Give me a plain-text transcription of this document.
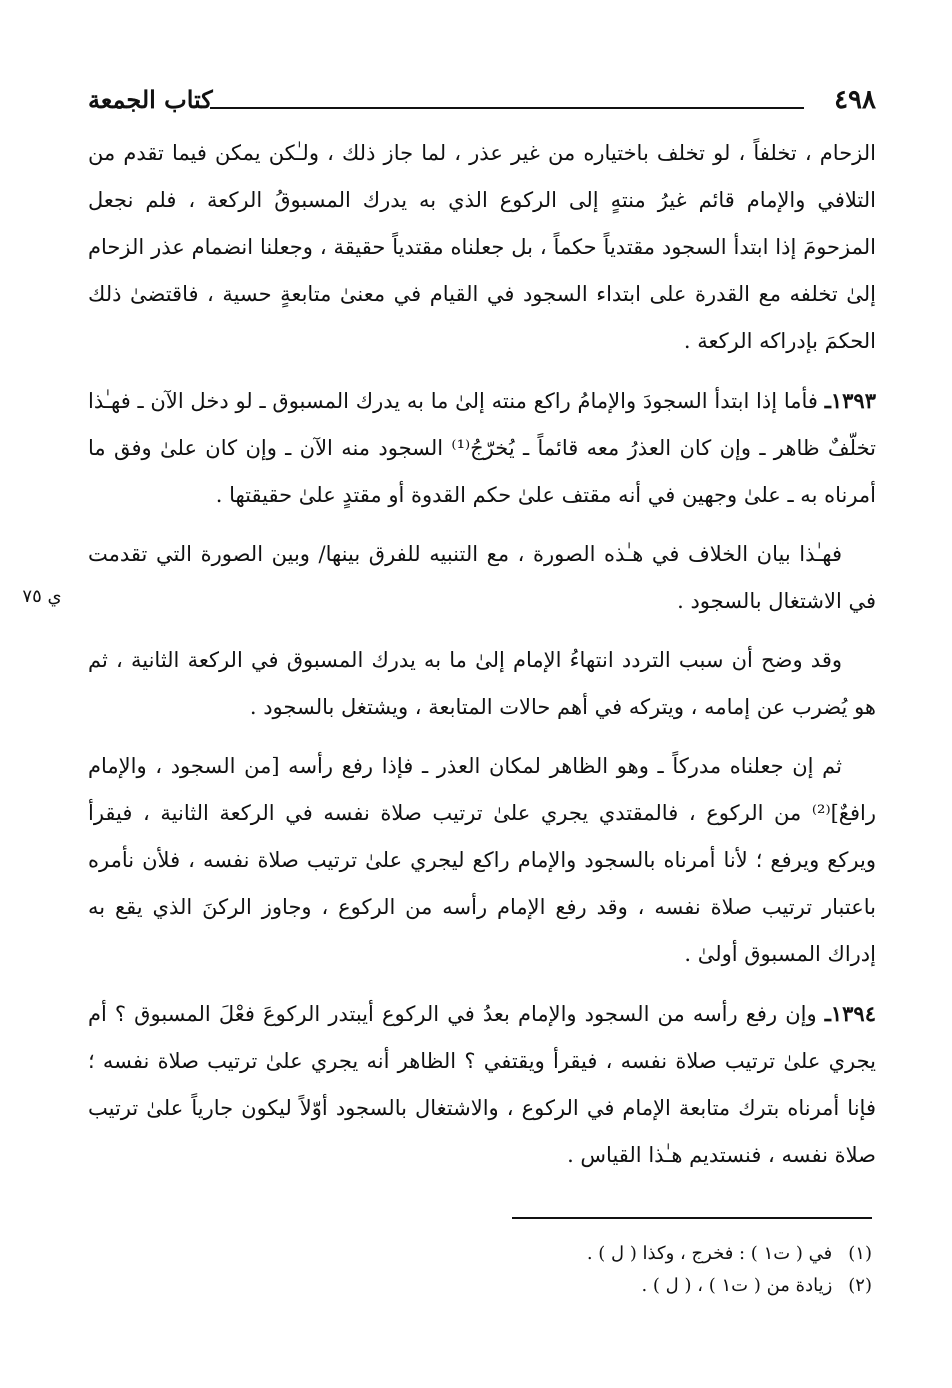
٤٩٨
كتاب الجمعة
ي ٧٥

الزحام ، تخلفاً ، لو تخلف باختياره من غير عذر ، لما جاز ذلك ، ولـٰكن يمكن فيما تقدم من التلافي والإمام قائم غيرُ منتهٍ إلى الركوع الذي به يدرك المسبوقُ الركعة ، فلم نجعل المزحومَ إذا ابتدأ السجود مقتدياً حكماً ، بل جعلناه مقتدياً حقيقة ، وجعلنا انضمام عذر الزحام إلىٰ تخلفه مع القدرة على ابتداء السجود في القيام في معنىٰ متابعةٍ حسية ، فاقتضىٰ ذلك الحكمَ بإدراكه الركعة .

١٣٩٣ـ فأما إذا ابتدأ السجودَ والإمامُ راكع منته إلىٰ ما به يدرك المسبوق ـ لو دخل الآن ـ فهـٰذا تخلّفٌ ظاهر ـ وإن كان العذرُ معه قائماً ـ يُخرّجُ⁽¹⁾ السجود منه الآن ـ وإن كان علىٰ وفق ما أمرناه به ـ علىٰ وجهين في أنه مقتف علىٰ حكم القدوة أو مقتدٍ علىٰ حقيقتها .

فهـٰذا بيان الخلاف في هـٰذه الصورة ، مع التنبيه للفرق بينها/ وبين الصورة التي تقدمت في الاشتغال بالسجود .

وقد وضح أن سبب التردد انتهاءُ الإمام إلىٰ ما به يدرك المسبوق في الركعة الثانية ، ثم هو يُضرب عن إمامه ، ويتركه في أهم حالات المتابعة ، ويشتغل بالسجود .

ثم إن جعلناه مدركاً ـ وهو الظاهر لمكان العذر ـ فإذا رفع رأسه [من السجود ، والإمام رافعٌ]⁽²⁾ من الركوع ، فالمقتدي يجري علىٰ ترتيب صلاة نفسه في الركعة الثانية ، فيقرأ ويركع ويرفع ؛ لأنا أمرناه بالسجود والإمام راكع ليجري علىٰ ترتيب صلاة نفسه ، فلأن نأمره باعتبار ترتيب صلاة نفسه ، وقد رفع الإمام رأسه من الركوع ، وجاوز الركنَ الذي يقع به إدراك المسبوق أولىٰ .

١٣٩٤ـ وإن رفع رأسه من السجود والإمام بعدُ في الركوع أيبتدر الركوعَ فعْلَ المسبوق ؟ أم يجري علىٰ ترتيب صلاة نفسه ، فيقرأ ويقتفي ؟ الظاهر أنه يجري علىٰ ترتيب صلاة نفسه ؛ فإنا أمرناه بترك متابعة الإمام في الركوع ، والاشتغال بالسجود أوّلاً ليكون جارياً علىٰ ترتيب صلاة نفسه ، فنستديم هـٰذا القياس .

(١) في ( ت١ ) : فخرج ، وكذا ( ل ) .
(٢) زيادة من ( ت١ ) ، ( ل ) .
